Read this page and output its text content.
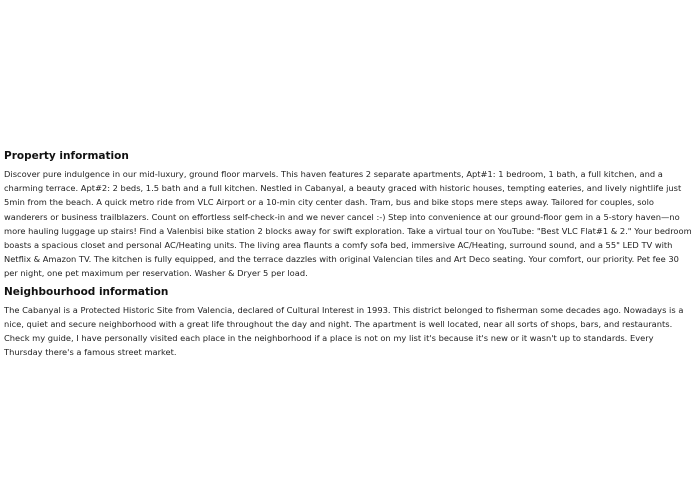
Property information

Discover pure indulgence in our mid-luxury, ground floor marvels. This haven features 2 separate apartments, Apt#1: 1 bedroom, 1 bath, a full kitchen, and a charming terrace. Apt#2: 2 beds, 1.5 bath and a full kitchen. Nestled in Cabanyal, a beauty graced with historic houses, tempting eateries, and lively nightlife just 5min from the beach. A quick metro ride from VLC Airport or a 10-min city center dash. Tram, bus and bike stops mere steps away. Tailored for couples, solo wanderers or business trailblazers. Count on effortless self-check-in and we never cancel :-) Step into convenience at our ground-floor gem in a 5-story haven—no more hauling luggage up stairs! Find a Valenbisi bike station 2 blocks away for swift exploration. Take a virtual tour on YouTube: "Best VLC Flat#1 & 2." Your bedroom boasts a spacious closet and personal AC/Heating units. The living area flaunts a comfy sofa bed, immersive AC/Heating, surround sound, and a 55" LED TV with Netflix & Amazon TV. The kitchen is fully equipped, and the terrace dazzles with original Valencian tiles and Art Deco seating. Your comfort, our priority. Pet fee 30 per night, one pet maximum per reservation. Washer & Dryer 5 per load.

Neighbourhood information

The Cabanyal is a Protected Historic Site from Valencia, declared of Cultural Interest in 1993. This district belonged to fisherman some decades ago. Nowadays is a nice, quiet and secure neighborhood with a great life throughout the day and night. The apartment is well located, near all sorts of shops, bars, and restaurants. Check my guide, I have personally visited each place in the neighborhood if a place is not on my list it's because it's new or it wasn't up to standards. Every Thursday there's a famous street market.
